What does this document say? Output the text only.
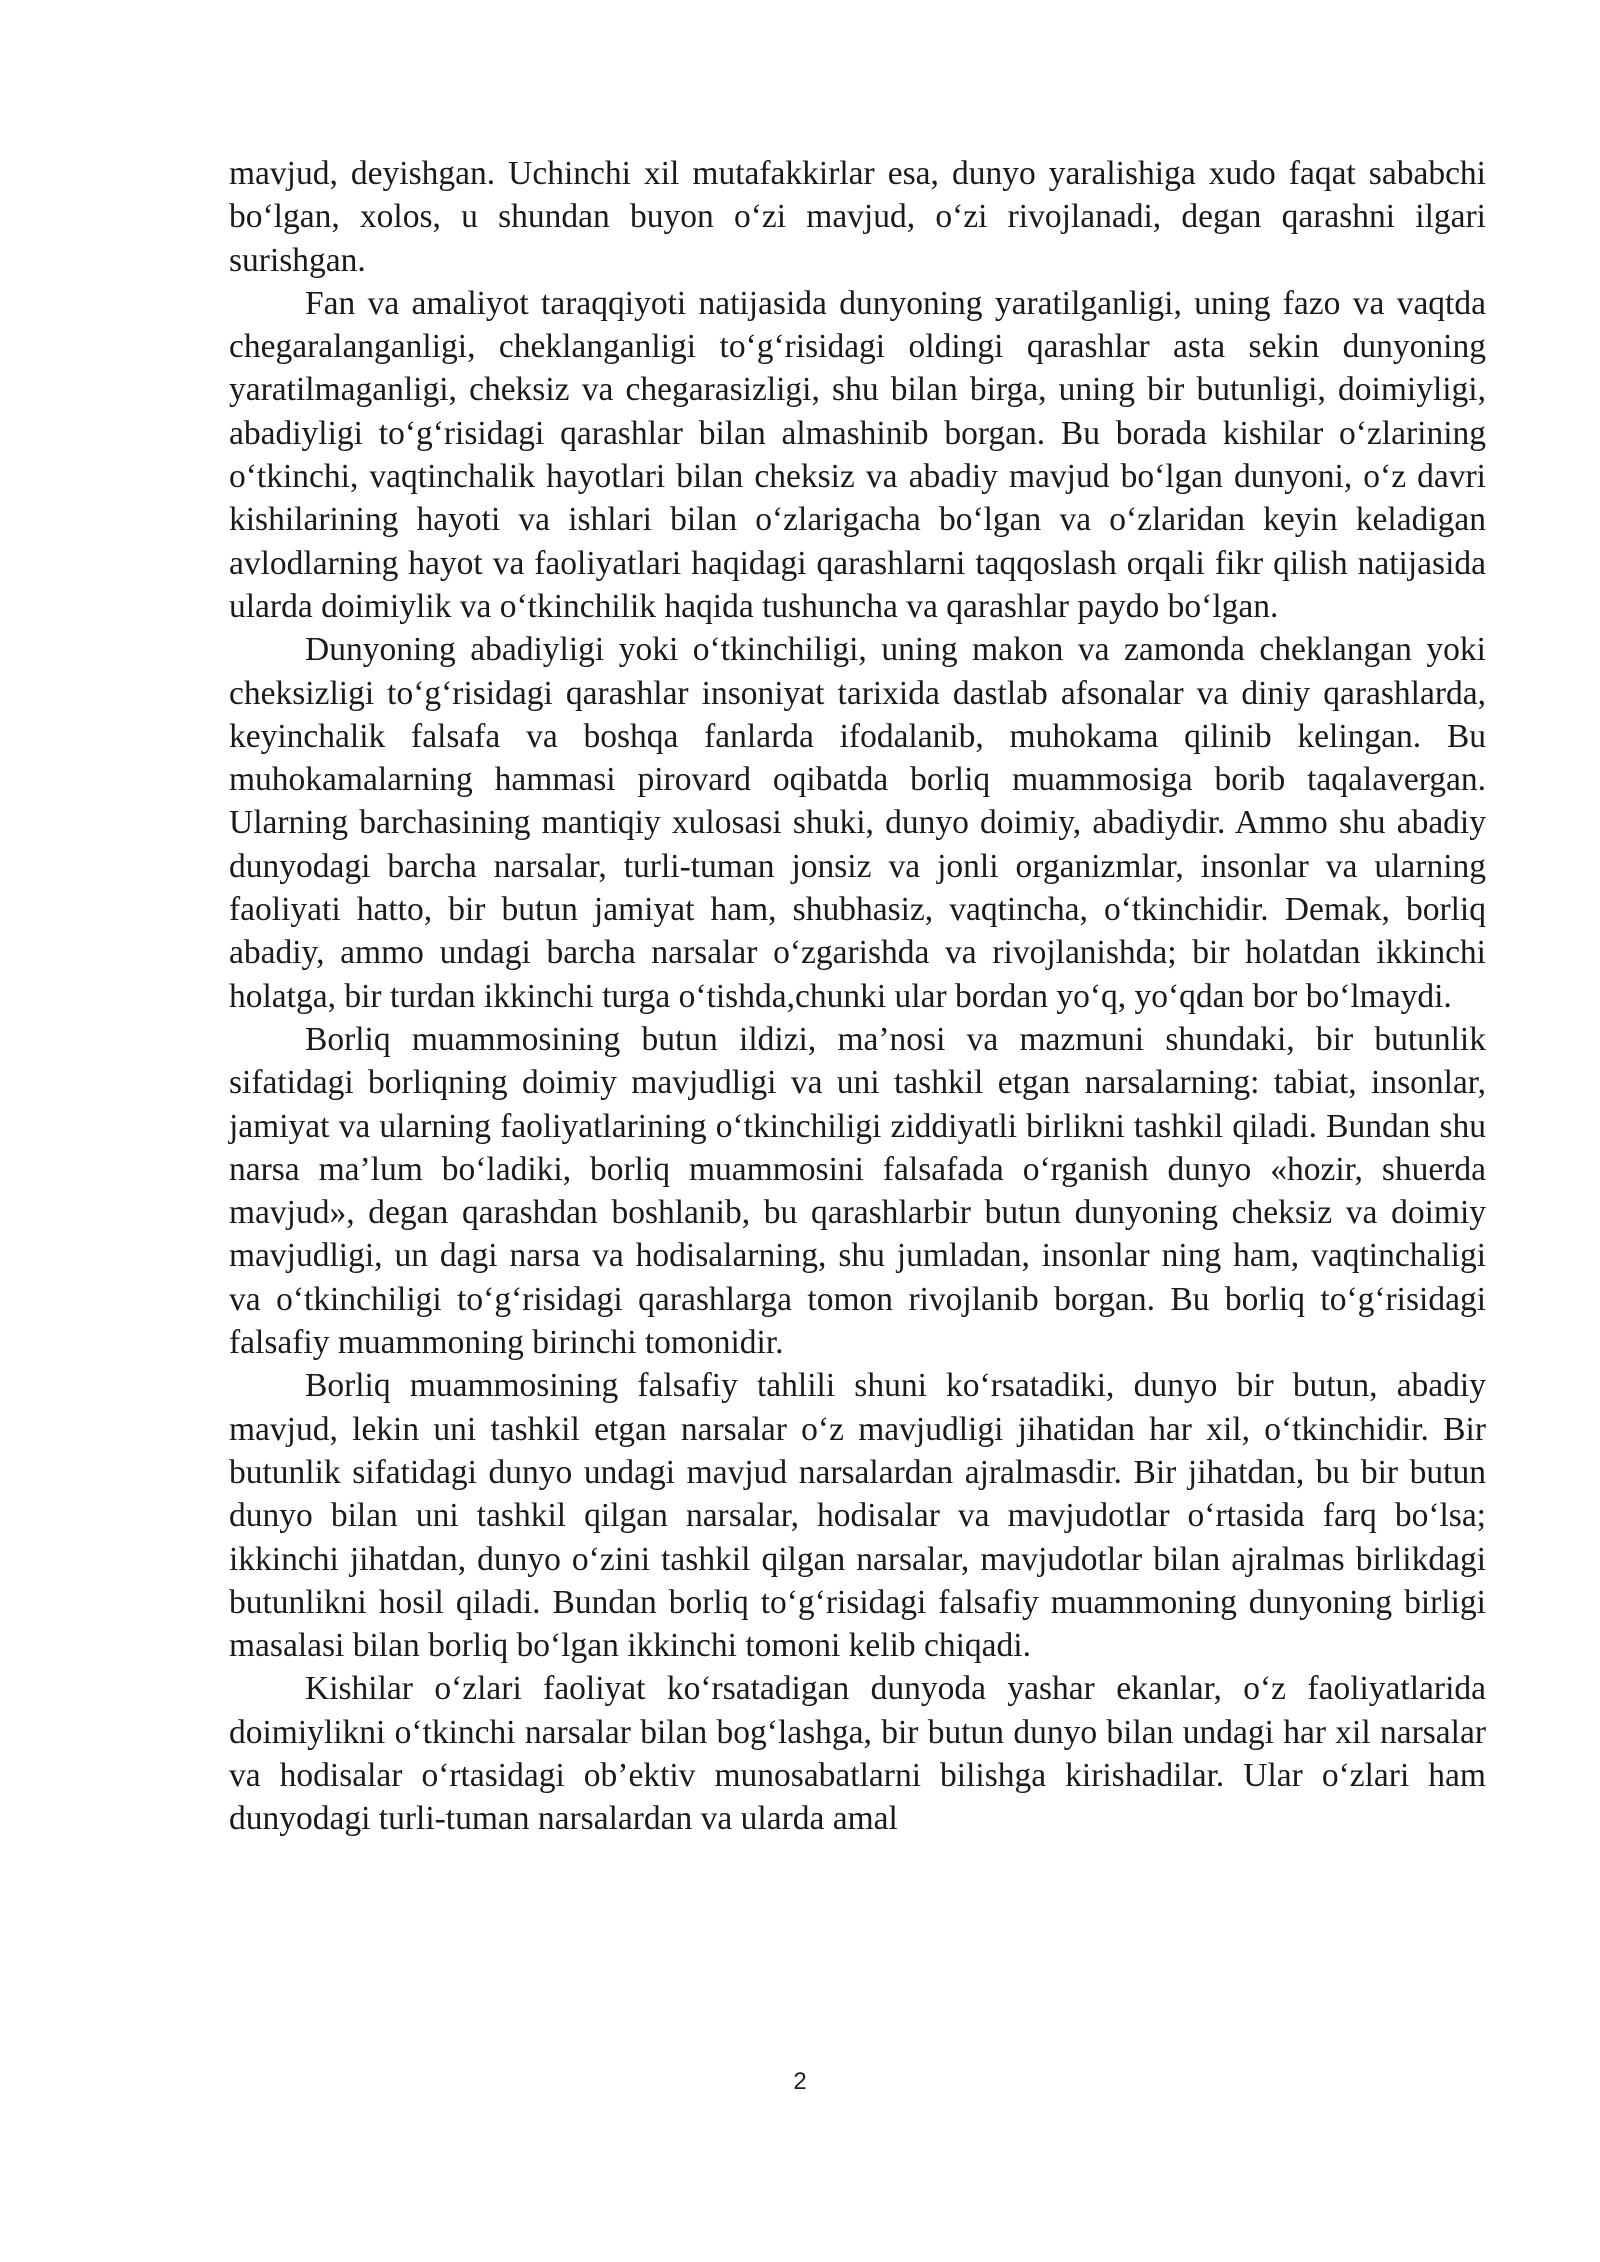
mavjud, deyishgan. Uchinchi xil mutafakkirlar esa, dunyo yaralishiga xudo faqat sababchi bo‘lgan, xolos, u shundan buyon o‘zi mavjud, o‘zi rivojlanadi, degan qarashni ilgari surishgan.

Fan va amaliyot taraqqiyoti natijasida dunyoning yaratilganligi, uning fazo va vaqtda chegaralanganligi, cheklanganligi to‘g‘risidagi oldingi qarashlar asta sekin dunyoning yaratilmaganligi, cheksiz va chegarasizligi, shu bilan birga, uning bir butunligi, doimiyligi, abadiyligi to‘g‘risidagi qarashlar bilan almashinib borgan. Bu borada kishilar o‘zlarining o‘tkinchi, vaqtinchalik hayotlari bilan cheksiz va abadiy mavjud bo‘lgan dunyoni, o‘z davri kishilarining hayoti va ishlari bilan o‘zlarigacha bo‘lgan va o‘zlaridan keyin keladigan avlodlarning hayot va faoliyatlari haqidagi qarashlarni taqqoslash orqali fikr qilish natijasida ularda doimiylik va o‘tkinchilik haqida tushuncha va qarashlar paydo bo‘lgan.

Dunyoning abadiyligi yoki o‘tkinchiligi, uning makon va zamonda cheklangan yoki cheksizligi to‘g‘risidagi qarashlar insoniyat tarixida dastlab afsonalar va diniy qarashlarda, keyinchalik falsafa va boshqa fanlarda ifodalanib, muhokama qilinib kelingan. Bu muhokamalarning hammasi pirovard oqibatda borliq muammosiga borib taqalavergan. Ularning barchasining mantiqiy xulosasi shuki, dunyo doimiy, abadiydir. Ammo shu abadiy dunyodagi barcha narsalar, turli-tuman jonsiz va jonli organizmlar, insonlar va ularning faoliyati hatto, bir butun jamiyat ham, shubhasiz, vaqtincha, o‘tkinchidir. Demak, borliq abadiy, ammo undagi barcha narsalar o‘zgarishda va rivojlanishda; bir holatdan ikkinchi holatga, bir turdan ikkinchi turga o‘tishda,chunki ular bordan yo‘q, yo‘qdan bor bo‘lmaydi.

Borliq muammosining butun ildizi, ma’nosi va mazmuni shundaki, bir butunlik sifatidagi borliqning doimiy mavjudligi va uni tashkil etgan narsalarning: tabiat, insonlar, jamiyat va ularning faoliyatlarining o‘tkinchiligi ziddiyatli birlikni tashkil qiladi. Bundan shu narsa ma’lum bo‘ladiki, borliq muammosini falsafada o‘rganish dunyo «hozir, shuerda mavjud», degan qarashdan boshlanib, bu qarashlarbir butun dunyoning cheksiz va doimiy mavjudligi, un dagi narsa va hodisalarning, shu jumladan, insonlar ning ham, vaqtinchaligi va o‘tkinchiligi to‘g‘risidagi qarashlarga tomon rivojlanib borgan. Bu borliq to‘g‘risidagi falsafiy muammoning birinchi tomonidir.

Borliq muammosining falsafiy tahlili shuni ko‘rsatadiki, dunyo bir butun, abadiy mavjud, lekin uni tashkil etgan narsalar o‘z mavjudligi jihatidan har xil, o‘tkinchidir. Bir butunlik sifatidagi dunyo undagi mavjud narsalardan ajralmasdir. Bir jihatdan, bu bir butun dunyo bilan uni tashkil qilgan narsalar, hodisalar va mavjudotlar o‘rtasida farq bo‘lsa; ikkinchi jihatdan, dunyo o‘zini tashkil qilgan narsalar, mavjudotlar bilan ajralmas birlikdagi butunlikni hosil qiladi. Bundan borliq to‘g‘risidagi falsafiy muammoning dunyoning birligi masalasi bilan borliq bo‘lgan ikkinchi tomoni kelib chiqadi.

Kishilar o‘zlari faoliyat ko‘rsatadigan dunyoda yashar ekanlar, o‘z faoliyatlarida doimiylikni o‘tkinchi narsalar bilan bog‘lashga, bir butun dunyo bilan undagi har xil narsalar va hodisalar o‘rtasidagi ob’ektiv munosabatlarni bilishga kirishadilar. Ular o‘zlari ham dunyodagi turli-tuman narsalardan va ularda amal

2
